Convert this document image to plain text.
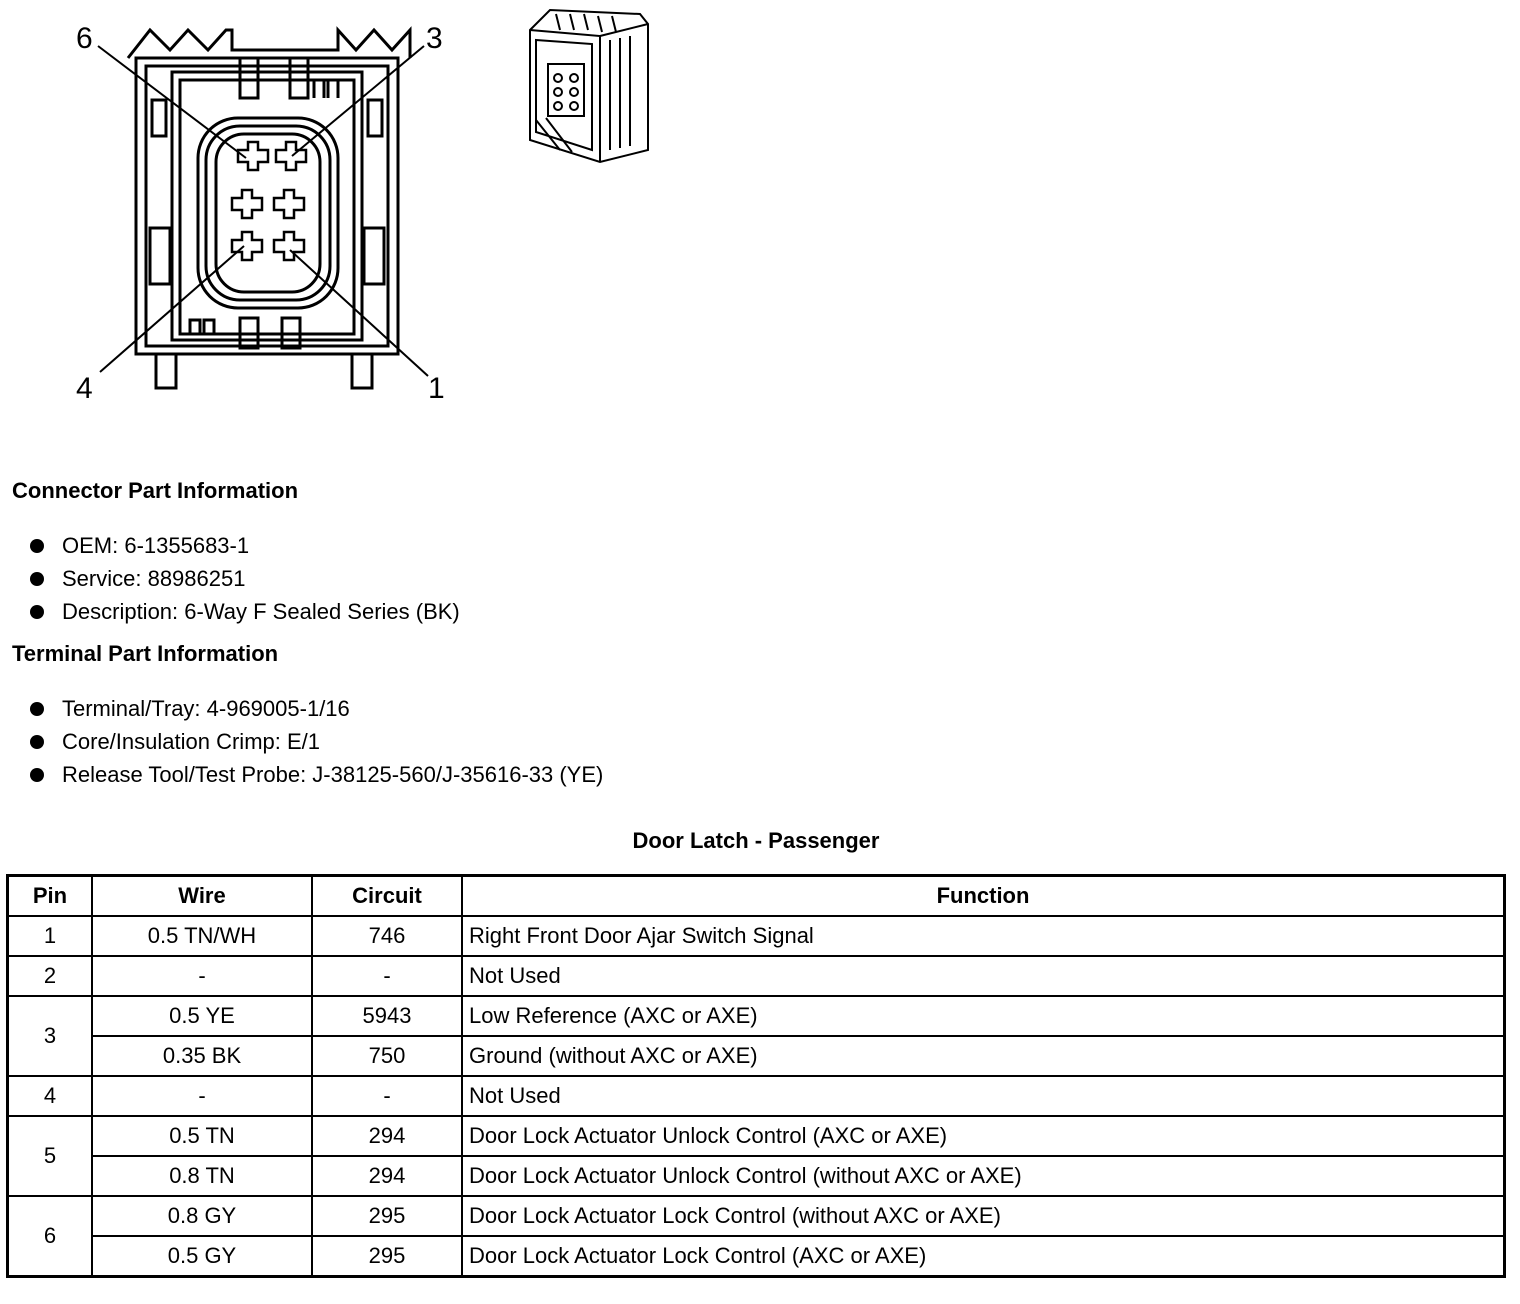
6	3
4	1
Connector Part Information
OEM: 6-1355683-1
Service: 88986251
Description: 6-Way F Sealed Series (BK)
Terminal Part Information
Terminal/Tray: 4-969005-1/16
Core/Insulation Crimp: E/1
Release Tool/Test Probe: J-38125-560/J-35616-33 (YE)
Door Latch - Passenger
Pin	Wire	Circuit	Function
1	0.5 TN/WH	746	Right Front Door Ajar Switch Signal
2	-	-	Not Used
3	0.5 YE	5943	Low Reference (AXC or AXE)
	0.35 BK	750	Ground (without AXC or AXE)
4	-	-	Not Used
5	0.5 TN	294	Door Lock Actuator Unlock Control (AXC or AXE)
	0.8 TN	294	Door Lock Actuator Unlock Control (without AXC or AXE)
6	0.8 GY	295	Door Lock Actuator Lock Control (without AXC or AXE)
	0.5 GY	295	Door Lock Actuator Lock Control (AXC or AXE)
